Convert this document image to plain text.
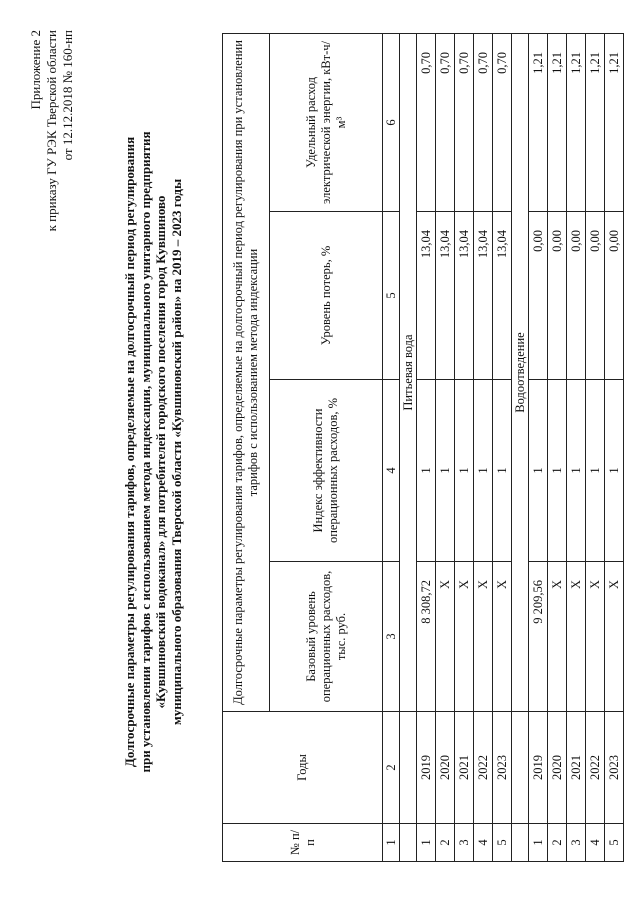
Приложение 2 к приказу ГУ РЭК Тверской области от 12.12.2018 № 160-нп
Долгосрочные параметры регулирования тарифов, определяемые на долгосрочный период регулирования при установлении тарифов с использованием метода индексации, муниципального унитарного предприятия «Кувшиновский водоканал» для потребителей городского поселения город Кувшиново муниципального образования Тверской области «Кувшиновский район» на 2019 – 2023 годы
№ п/п	Годы	Долгосрочные параметры регулирования тарифов, определяемые на долгосрочный период регулирования при установлении тарифов с использованием метода индексации			
		Базовый уровень операционных расходов, тыс. руб.	Индекс эффективности операционных расходов, %	Уровень потерь, %	Удельный расход электрической энергии, кВт-ч/м³
1	2	3	4	5	6
		Питьевая вода			
1	2019	8 308,72	1	13,04	0,70
2	2020	X	1	13,04	0,70
3	2021	X	1	13,04	0,70
4	2022	X	1	13,04	0,70
5	2023	X	1	13,04	0,70
		Водоотведение			
1	2019	9 209,56	1	0,00	1,21
2	2020	X	1	0,00	1,21
3	2021	X	1	0,00	1,21
4	2022	X	1	0,00	1,21
5	2023	X	1	0,00	1,21
